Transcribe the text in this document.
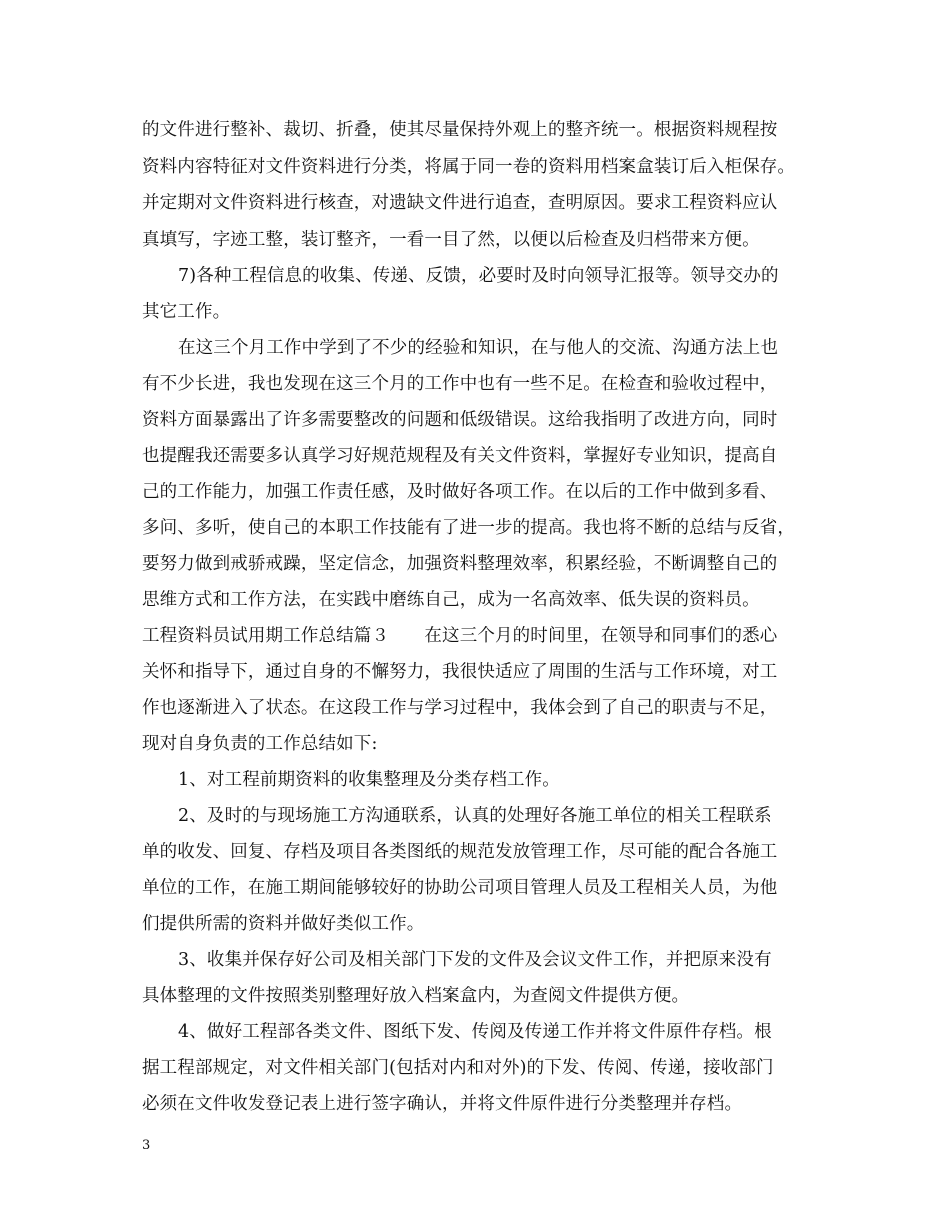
的文件进行整补、裁切、折叠，使其尽量保持外观上的整齐统一。根据资料规程按
资料内容特征对文件资料进行分类，将属于同一卷的资料用档案盒装订后入柜保存。
并定期对文件资料进行核查，对遗缺文件进行追查，查明原因。要求工程资料应认
真填写，字迹工整，装订整齐，一看一目了然，以便以后检查及归档带来方便。
7)各种工程信息的收集、传递、反馈，必要时及时向领导汇报等。领导交办的
其它工作。
在这三个月工作中学到了不少的经验和知识，在与他人的交流、沟通方法上也
有不少长进，我也发现在这三个月的工作中也有一些不足。在检查和验收过程中，
资料方面暴露出了许多需要整改的问题和低级错误。这给我指明了改进方向，同时
也提醒我还需要多认真学习好规范规程及有关文件资料，掌握好专业知识，提高自
己的工作能力，加强工作责任感，及时做好各项工作。在以后的工作中做到多看、
多问、多听，使自己的本职工作技能有了进一步的提高。我也将不断的总结与反省，
要努力做到戒骄戒躁，坚定信念，加强资料整理效率，积累经验，不断调整自己的
思维方式和工作方法，在实践中磨练自己，成为一名高效率、低失误的资料员。
工程资料员试用期工作总结篇３　　在这三个月的时间里，在领导和同事们的悉心
关怀和指导下，通过自身的不懈努力，我很快适应了周围的生活与工作环境，对工
作也逐渐进入了状态。在这段工作与学习过程中，我体会到了自己的职责与不足，
现对自身负责的工作总结如下:
1、对工程前期资料的收集整理及分类存档工作。
2、及时的与现场施工方沟通联系，认真的处理好各施工单位的相关工程联系
单的收发、回复、存档及项目各类图纸的规范发放管理工作，尽可能的配合各施工
单位的工作，在施工期间能够较好的协助公司项目管理人员及工程相关人员，为他
们提供所需的资料并做好类似工作。
3、收集并保存好公司及相关部门下发的文件及会议文件工作，并把原来没有
具体整理的文件按照类别整理好放入档案盒内，为查阅文件提供方便。
4、做好工程部各类文件、图纸下发、传阅及传递工作并将文件原件存档。根
据工程部规定，对文件相关部门(包括对内和对外)的下发、传阅、传递，接收部门
必须在文件收发登记表上进行签字确认，并将文件原件进行分类整理并存档。
3
